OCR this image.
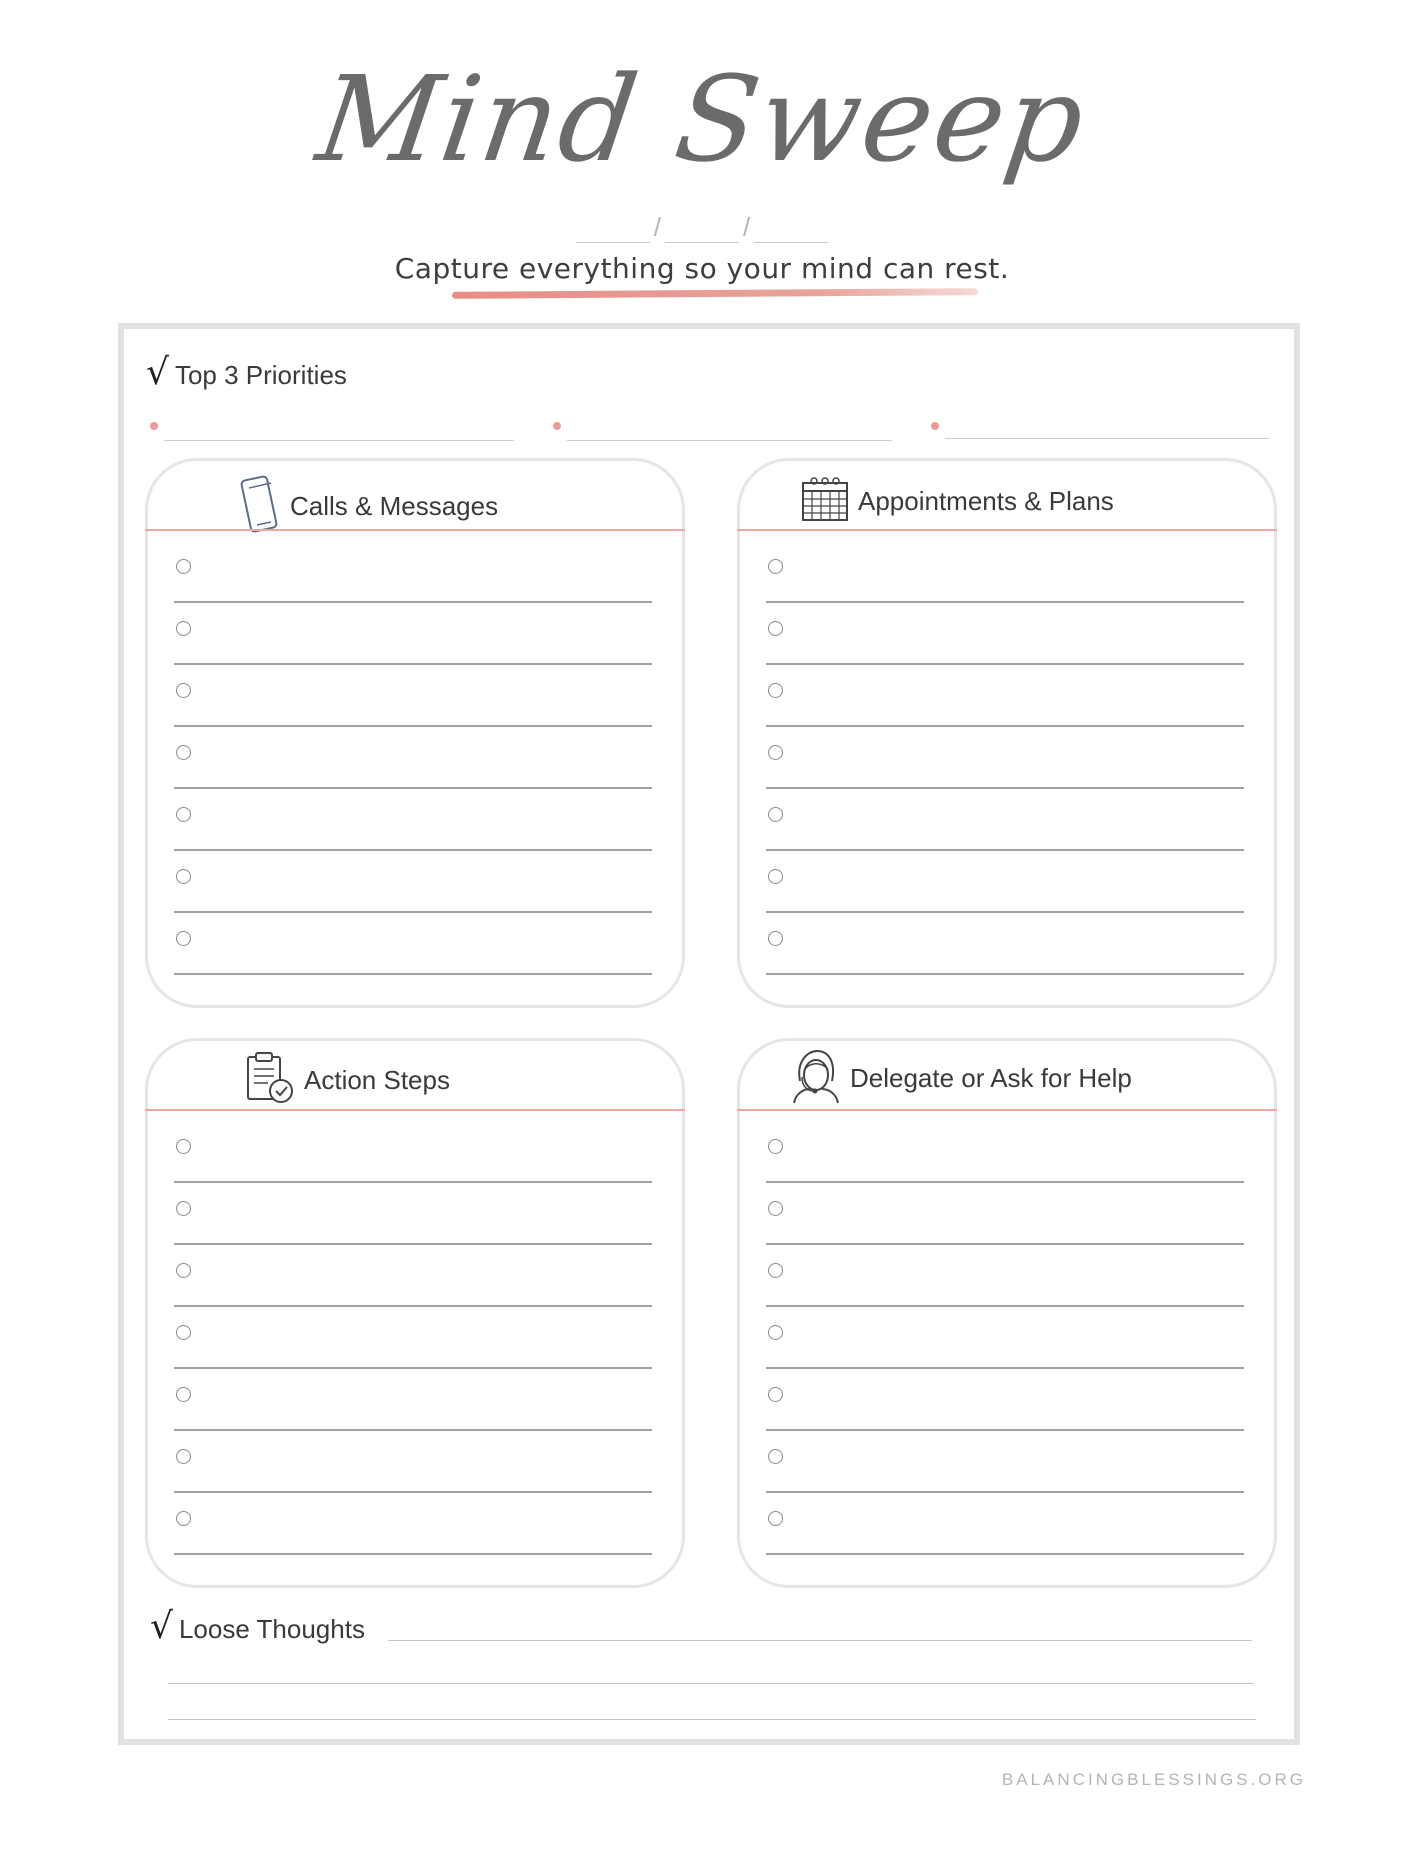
Mind Sweep
/	/
Capture everything so your mind can rest.
√ Top 3 Priorities
Calls & Messages	Appointments & Plans
Action Steps	Delegate or Ask for Help
√ Loose Thoughts
BALANCINGBLESSINGS.ORG
